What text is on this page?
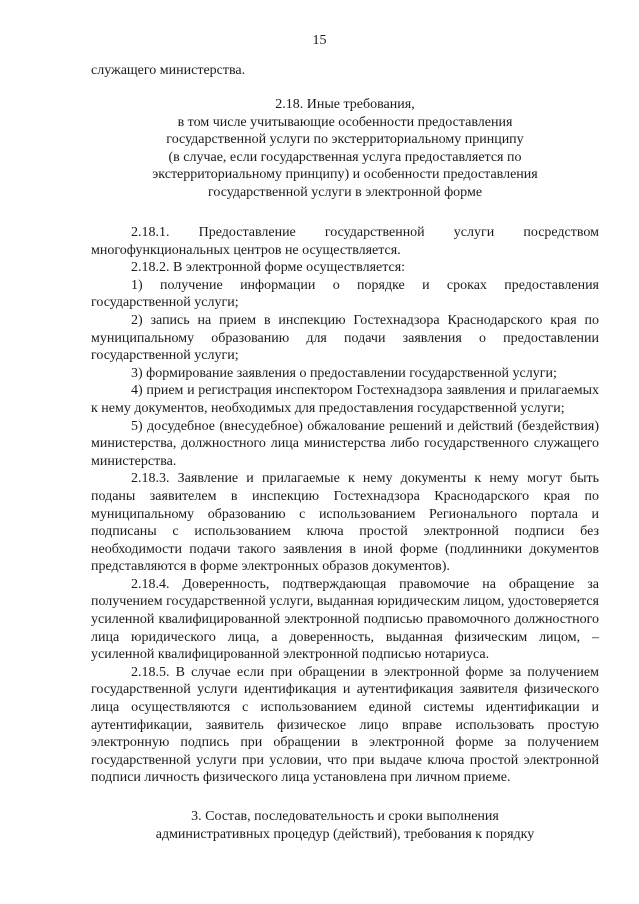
15
служащего министерства.
2.18. Иные требования,
в том числе учитывающие особенности предоставления
государственной услуги по экстерриториальному принципу
(в случае, если государственная услуга предоставляется по
экстерриториальному принципу) и особенности предоставления
государственной услуги в электронной форме

2.18.1. Предоставление государственной услуги посредством многофункциональных центров не осуществляется.

2.18.2. В электронной форме осуществляется:

1) получение информации о порядке и сроках предоставления государственной услуги;

2) запись на прием в инспекцию Гостехнадзора Краснодарского края по муниципальному образованию для подачи заявления о предоставлении государственной услуги;

3) формирование заявления о предоставлении государственной услуги;

4) прием и регистрация инспектором Гостехнадзора заявления и прилагаемых к нему документов, необходимых для предоставления государственной услуги;

5) досудебное (внесудебное) обжалование решений и действий (бездействия) министерства, должностного лица министерства либо государственного служащего министерства.

2.18.3. Заявление и прилагаемые к нему документы к нему могут быть поданы заявителем в инспекцию Гостехнадзора Краснодарского края по муниципальному образованию с использованием Регионального портала и подписаны с использованием ключа простой электронной подписи без необходимости подачи такого заявления в иной форме (подлинники документов представляются в форме электронных образов документов).

2.18.4. Доверенность, подтверждающая правомочие на обращение за получением государственной услуги, выданная юридическим лицом, удостоверяется усиленной квалифицированной электронной подписью правомочного должностного лица юридического лица, а доверенность, выданная физическим лицом, – усиленной квалифицированной электронной подписью нотариуса.

2.18.5. В случае если при обращении в электронной форме за получением государственной услуги идентификация и аутентификация заявителя физического лица осуществляются с использованием единой системы идентификации и аутентификации, заявитель физическое лицо вправе использовать простую электронную подпись при обращении в электронной форме за получением государственной услуги при условии, что при выдаче ключа простой электронной подписи личность физического лица установлена при личном приеме.

3. Состав, последовательность и сроки выполнения
административных процедур (действий), требования к порядку
